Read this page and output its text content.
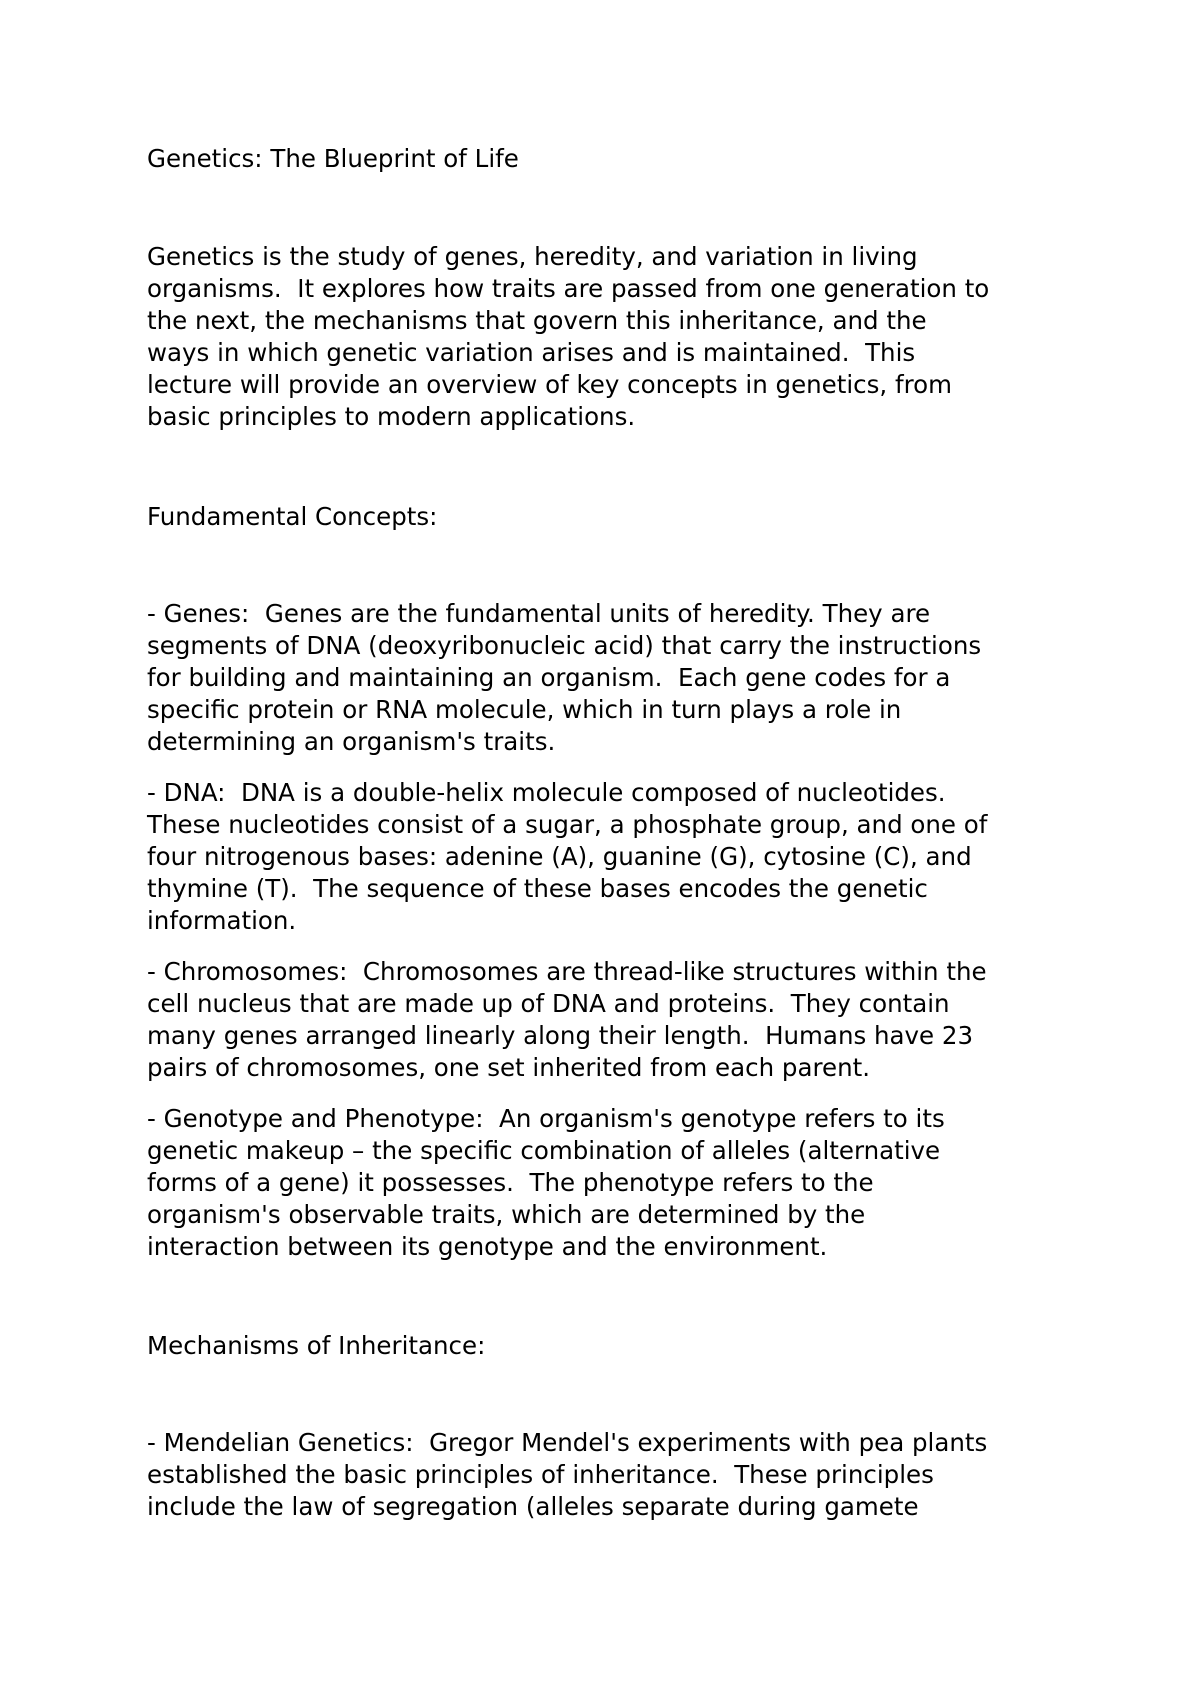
Genetics: The Blueprint of Life

Genetics is the study of genes, heredity, and variation in living

organisms.  It explores how traits are passed from one generation to

the next, the mechanisms that govern this inheritance, and the

ways in which genetic variation arises and is maintained.  This

lecture will provide an overview of key concepts in genetics, from

basic principles to modern applications.

Fundamental Concepts:

- Genes:  Genes are the fundamental units of heredity. They are

segments of DNA (deoxyribonucleic acid) that carry the instructions

for building and maintaining an organism.  Each gene codes for a

specific protein or RNA molecule, which in turn plays a role in

determining an organism's traits.

- DNA:  DNA is a double-helix molecule composed of nucleotides.

These nucleotides consist of a sugar, a phosphate group, and one of

four nitrogenous bases: adenine (A), guanine (G), cytosine (C), and

thymine (T).  The sequence of these bases encodes the genetic

information.

- Chromosomes:  Chromosomes are thread-like structures within the

cell nucleus that are made up of DNA and proteins.  They contain

many genes arranged linearly along their length.  Humans have 23

pairs of chromosomes, one set inherited from each parent.

- Genotype and Phenotype:  An organism's genotype refers to its

genetic makeup – the specific combination of alleles (alternative

forms of a gene) it possesses.  The phenotype refers to the

organism's observable traits, which are determined by the

interaction between its genotype and the environment.

Mechanisms of Inheritance:

- Mendelian Genetics:  Gregor Mendel's experiments with pea plants

established the basic principles of inheritance.  These principles

include the law of segregation (alleles separate during gamete
